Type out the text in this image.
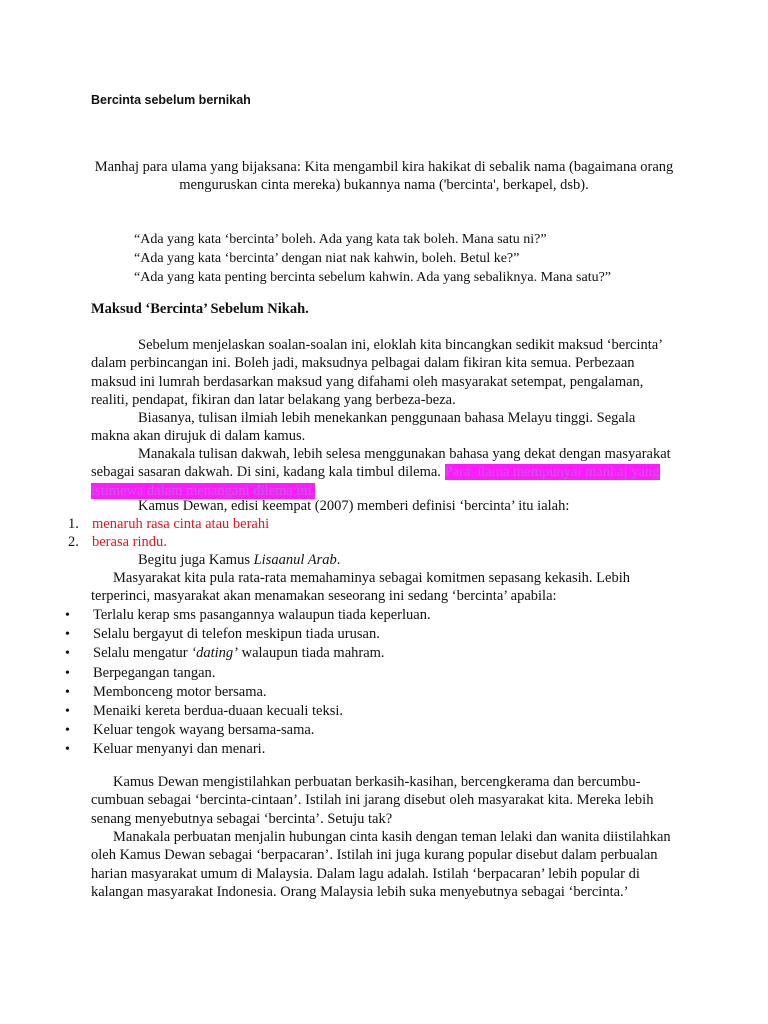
Bercinta sebelum bernikah

Manhaj para ulama yang bijaksana: Kita mengambil kira hakikat di sebalik nama (bagaimana orang menguruskan cinta mereka) bukannya nama ('bercinta', berkapel, dsb).

“Ada yang kata ‘bercinta’ boleh. Ada yang kata tak boleh. Mana satu ni?”
“Ada yang kata ‘bercinta’ dengan niat nak kahwin, boleh. Betul ke?”
“Ada yang kata penting bercinta sebelum kahwin. Ada yang sebaliknya. Mana satu?”
Maksud ‘Bercinta’ Sebelum Nikah.

Sebelum menjelaskan soalan-soalan ini, eloklah kita bincangkan sedikit maksud ‘bercinta’ dalam perbincangan ini. Boleh jadi, maksudnya pelbagai dalam fikiran kita semua. Perbezaan maksud ini lumrah berdasarkan maksud yang difahami oleh masyarakat setempat, pengalaman, realiti, pendapat, fikiran dan latar belakang yang berbeza-beza.

Biasanya, tulisan ilmiah lebih menekankan penggunaan bahasa Melayu tinggi. Segala makna akan dirujuk di dalam kamus.

Manakala tulisan dakwah, lebih selesa menggunakan bahasa yang dekat dengan masyarakat sebagai sasaran dakwah. Di sini, kadang kala timbul dilema. Para ulama mempunyai manhaj yang istimewa dalam menangani dilema ini.

Kamus Dewan, edisi keempat (2007) memberi definisi ‘bercinta’ itu ialah:

1. menaruh rasa cinta atau berahi
2. berasa rindu.

Begitu juga Kamus Lisaanul Arab.

Masyarakat kita pula rata-rata memahaminya sebagai komitmen sepasang kekasih. Lebih terperinci, masyarakat akan menamakan seseorang ini sedang ‘bercinta’ apabila:

•	Terlalu kerap sms pasangannya walaupun tiada keperluan.
•	Selalu bergayut di telefon meskipun tiada urusan.
•	Selalu mengatur ‘dating’ walaupun tiada mahram.
•	Berpegangan tangan.
•	Membonceng motor bersama.
•	Menaiki kereta berdua-duaan kecuali teksi.
•	Keluar tengok wayang bersama-sama.
•	Keluar menyanyi dan menari.

Kamus Dewan mengistilahkan perbuatan berkasih-kasihan, bercengkerama dan bercumbu-cumbuan sebagai ‘bercinta-cintaan’. Istilah ini jarang disebut oleh masyarakat kita. Mereka lebih senang menyebutnya sebagai ‘bercinta’. Setuju tak?

Manakala perbuatan menjalin hubungan cinta kasih dengan teman lelaki dan wanita diistilahkan oleh Kamus Dewan sebagai ‘berpacaran’. Istilah ini juga kurang popular disebut dalam perbualan harian masyarakat umum di Malaysia. Dalam lagu adalah. Istilah ‘berpacaran’ lebih popular di kalangan masyarakat Indonesia. Orang Malaysia lebih suka menyebutnya sebagai ‘bercinta.’
